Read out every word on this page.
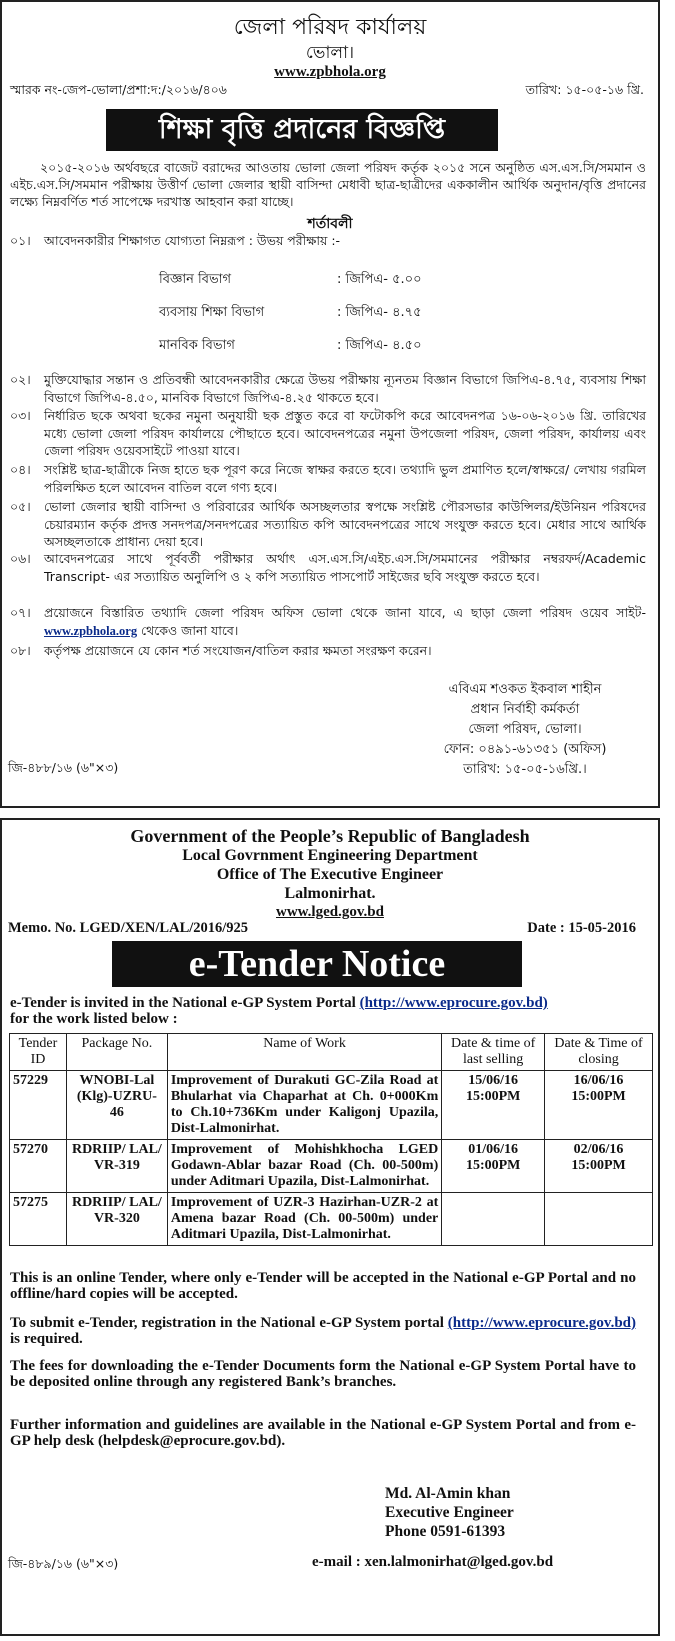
জেলা পরিষদ কার্যালয়
ভোলা।
www.zpbhola.org
স্মারক নং-জেপ-ভোলা/প্রশা:দ:/২০১৬/৪০৬	তারিখ: ১৫-০৫-১৬ খ্রি.
শিক্ষা বৃত্তি প্রদানের বিজ্ঞপ্তি
২০১৫-২০১৬ অর্থবছরে বাজেট বরাদ্দের আওতায় ভোলা জেলা পরিষদ কর্তৃক ২০১৫ সনে অনুষ্ঠিত এস.এস.সি/সমমান ও এইচ.এস.সি/সমমান পরীক্ষায় উত্তীর্ণ ভোলা জেলার স্থায়ী বাসিন্দা মেধাবী ছাত্র-ছাত্রীদের এককালীন আর্থিক অনুদান/বৃত্তি প্রদানের লক্ষ্যে নিম্নবর্ণিত শর্ত সাপেক্ষে দরখাস্ত আহবান করা যাচ্ছে।
শর্তাবলী
০১।	আবেদনকারীর শিক্ষাগত যোগ্যতা নিম্নরূপ : উভয় পরীক্ষায় :-
বিজ্ঞান বিভাগ	: জিপিএ- ৫.০০
ব্যবসায় শিক্ষা বিভাগ	: জিপিএ- ৪.৭৫
মানবিক বিভাগ	: জিপিএ- ৪.৫০
০২।	মুক্তিযোদ্ধার সন্তান ও প্রতিবন্ধী আবেদনকারীর ক্ষেত্রে উভয় পরীক্ষায় ন্যূনতম বিজ্ঞান বিভাগে জিপিএ-৪.৭৫, ব্যবসায় শিক্ষা বিভাগে জিপিএ-৪.৫০, মানবিক বিভাগে জিপিএ-৪.২৫ থাকতে হবে।
০৩।	নির্ধারিত ছকে অথবা ছকের নমুনা অনুযায়ী ছক প্রস্তুত করে বা ফটোকপি করে আবেদনপত্র ১৬-০৬-২০১৬ খ্রি. তারিখের মধ্যে ভোলা জেলা পরিষদ কার্যালয়ে পৌছাতে হবে। আবেদনপত্রের নমুনা উপজেলা পরিষদ, জেলা পরিষদ, কার্যালয় এবং জেলা পরিষদ ওয়েবসাইটে পাওয়া যাবে।
০৪।	সংশ্লিষ্ট ছাত্র-ছাত্রীকে নিজ হাতে ছক পূরণ করে নিজে স্বাক্ষর করতে হবে। তথ্যাদি ভুল প্রমাণিত হলে/স্বাক্ষরে/ লেখায় গরমিল পরিলক্ষিত হলে আবেদন বাতিল বলে গণ্য হবে।
০৫।	ভোলা জেলার স্থায়ী বাসিন্দা ও পরিবারের আর্থিক অসচ্ছলতার স্বপক্ষে সংশ্লিষ্ট পৌরসভার কাউন্সিলর/ইউনিয়ন পরিষদের চেয়ারম্যান কর্তৃক প্রদত্ত সনদপত্র/সনদপত্রের সত্যায়িত কপি আবেদনপত্রের সাথে সংযুক্ত করতে হবে। মেধার সাথে আর্থিক অসচ্ছলতাকে প্রাধান্য দেয়া হবে।
০৬।	আবেদনপত্রের সাথে পূর্ববর্তী পরীক্ষার অর্থাৎ এস.এস.সি/এইচ.এস.সি/সমমানের পরীক্ষার নম্বরফর্দ/Academic Transcript- এর সত্যায়িত অনুলিপি ও ২ কপি সত্যায়িত পাসপোর্ট সাইজের ছবি সংযুক্ত করতে হবে।
০৭।	প্রয়োজনে বিস্তারিত তথ্যাদি জেলা পরিষদ অফিস ভোলা থেকে জানা যাবে, এ ছাড়া জেলা পরিষদ ওয়েব সাইট-www.zpbhola.org থেকেও জানা যাবে।
০৮।	কর্তৃপক্ষ প্রয়োজনে যে কোন শর্ত সংযোজন/বাতিল করার ক্ষমতা সংরক্ষণ করেন।
এবিএম শওকত ইকবাল শাহীন
প্রধান নির্বাহী কর্মকর্তা
জেলা পরিষদ, ভোলা।
ফোন: ০৪৯১-৬১৩৫১ (অফিস)
তারিখ: ১৫-০৫-১৬খ্রি.।
জি-৪৮৮/১৬ (৬"×৩)
Government of the People’s Republic of Bangladesh
Local Govrnment Engineering Department
Office of The Executive Engineer
Lalmonirhat.
www.lged.gov.bd
Memo. No. LGED/XEN/LAL/2016/925	Date : 15-05-2016
e-Tender Notice
e-Tender is invited in the National e-GP System Portal (http://www.eprocure.gov.bd)
for the work listed below :
Tender ID	Package No.	Name of Work	Date & time of last selling	Date & Time of closing
57229	WNOBI-Lal (Klg)-UZRU-46	Improvement of Durakuti GC-Zila Road at Bhularhat via Chaparhat at Ch. 0+000Km to Ch.10+736Km under Kaligonj Upazila, Dist-Lalmonirhat.	15/06/16 15:00PM	16/06/16 15:00PM
57270	RDRIIP/ LAL/ VR-319	Improvement of Mohishkhocha LGED Godawn-Ablar bazar Road (Ch. 00-500m) under Aditmari Upazila, Dist-Lalmonirhat.	01/06/16 15:00PM	02/06/16 15:00PM
57275	RDRIIP/ LAL/ VR-320	Improvement of UZR-3 Hazirhan-UZR-2 at Amena bazar Road (Ch. 00-500m) under Aditmari Upazila, Dist-Lalmonirhat.		
This is an online Tender, where only e-Tender will be accepted in the National e-GP Portal and no offline/hard copies will be accepted.
To submit e-Tender, registration in the National e-GP System portal (http://www.eprocure.gov.bd) is required.
The fees for downloading the e-Tender Documents form the National e-GP System Portal have to be deposited online through any registered Bank’s branches.
Further information and guidelines are available in the National e-GP System Portal and from e-GP help desk (helpdesk@eprocure.gov.bd).
Md. Al-Amin khan
Executive Engineer
Phone 0591-61393
জি-৪৮৯/১৬ (৬"×৩)	e-mail : xen.lalmonirhat@lged.gov.bd
